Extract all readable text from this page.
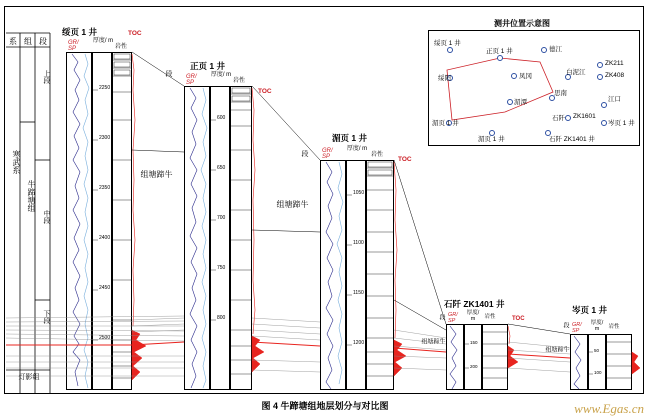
系 组 段
寒武系
牛蹄塘组
上段
中段
下段
灯影组
绥页 1 井
GR/ SP
厚度/ m
岩性
TOC
2250
2300
2350
2400
2450
2500
正页 1 井
GR/ SP
厚度/ m
岩性
TOC
600
650
700
750
800
段
牛蹄塘组
湄页 1 井
GR/ SP
厚度/ m
岩性
TOC
1050
1100
1150
1200
段
牛蹄塘组
石阡 ZK1401 井
GR/ SP
厚度/ m	岩性	TOC
150
200
段
牛蹄塘组
岑页 1 井
GR/ SP
厚度/ m	岩性
50
100
段
牛蹄塘组
测井位置示意图
绥页 1 井
正页 1 井	德江
绥阳	凤冈
ZK211
ZK408
白泥江
湄潭
思南
湄页 1 井
石阡 ZK1601
岑页 1 井
江口
石阡 ZK1401 井
湄页 1 井
图 4 牛蹄塘组地层划分与对比图	www.Egas.cn
